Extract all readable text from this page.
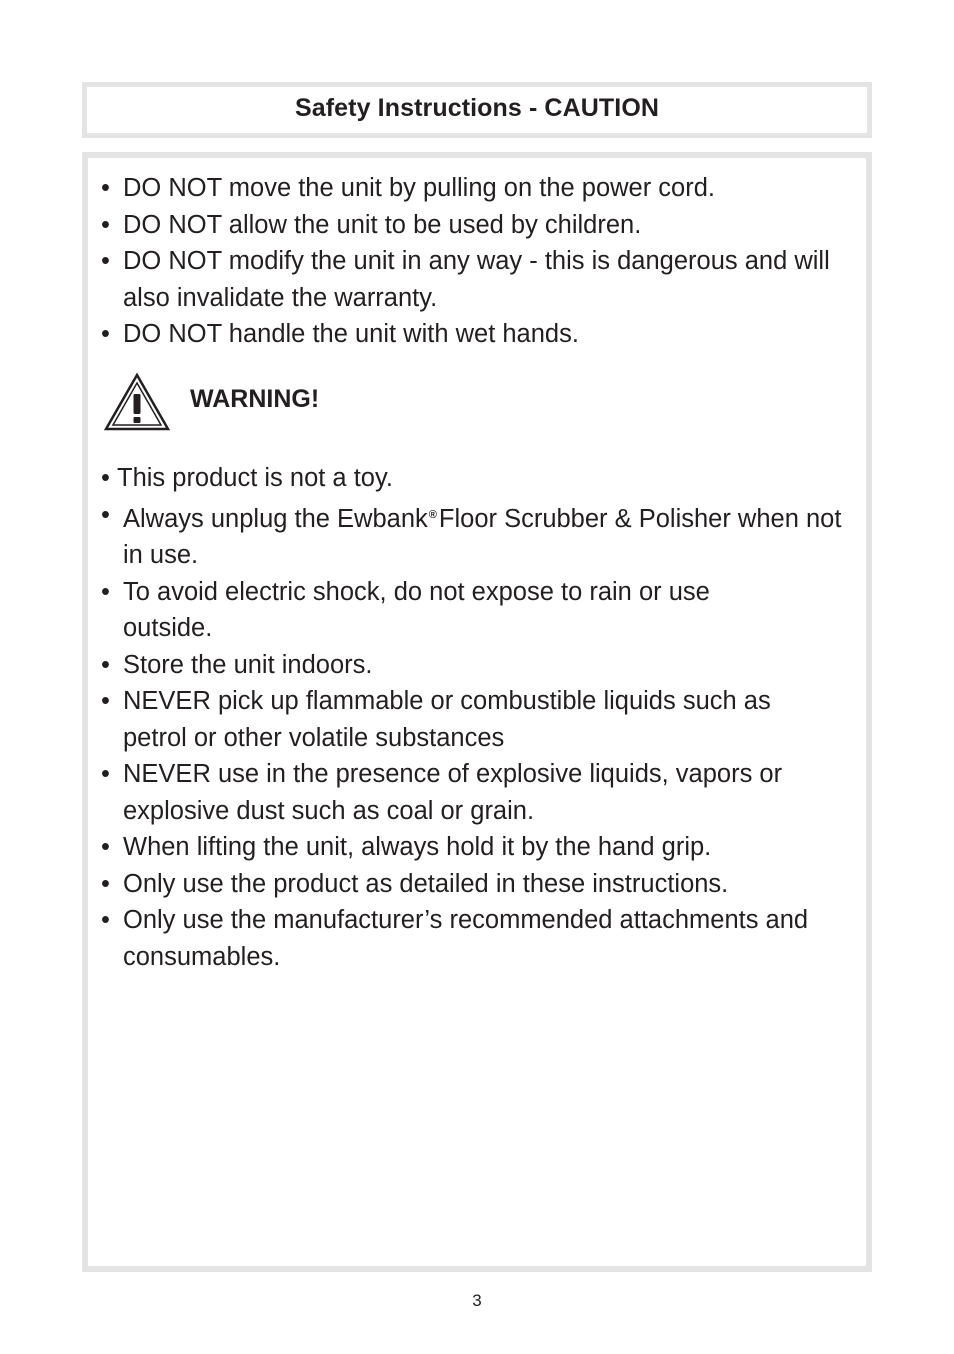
Safety Instructions - CAUTION
• DO NOT move the unit by pulling on the power cord.
• DO NOT allow the unit to be used by children.
• DO NOT modify the unit in any way - this is dangerous and will also invalidate the warranty.
• DO NOT handle the unit with wet hands.
WARNING!
• This product is not a toy.
• Always unplug the Ewbank®Floor Scrubber & Polisher when not in use.
• To avoid electric shock, do not expose to rain or use outside.
• Store the unit indoors.
• NEVER pick up flammable or combustible liquids such as petrol or other volatile substances
• NEVER use in the presence of explosive liquids, vapors or explosive dust such as coal or grain.
• When lifting the unit, always hold it by the hand grip.
• Only use the product as detailed in these instructions.
• Only use the manufacturer’s recommended attachments and consumables.
3
